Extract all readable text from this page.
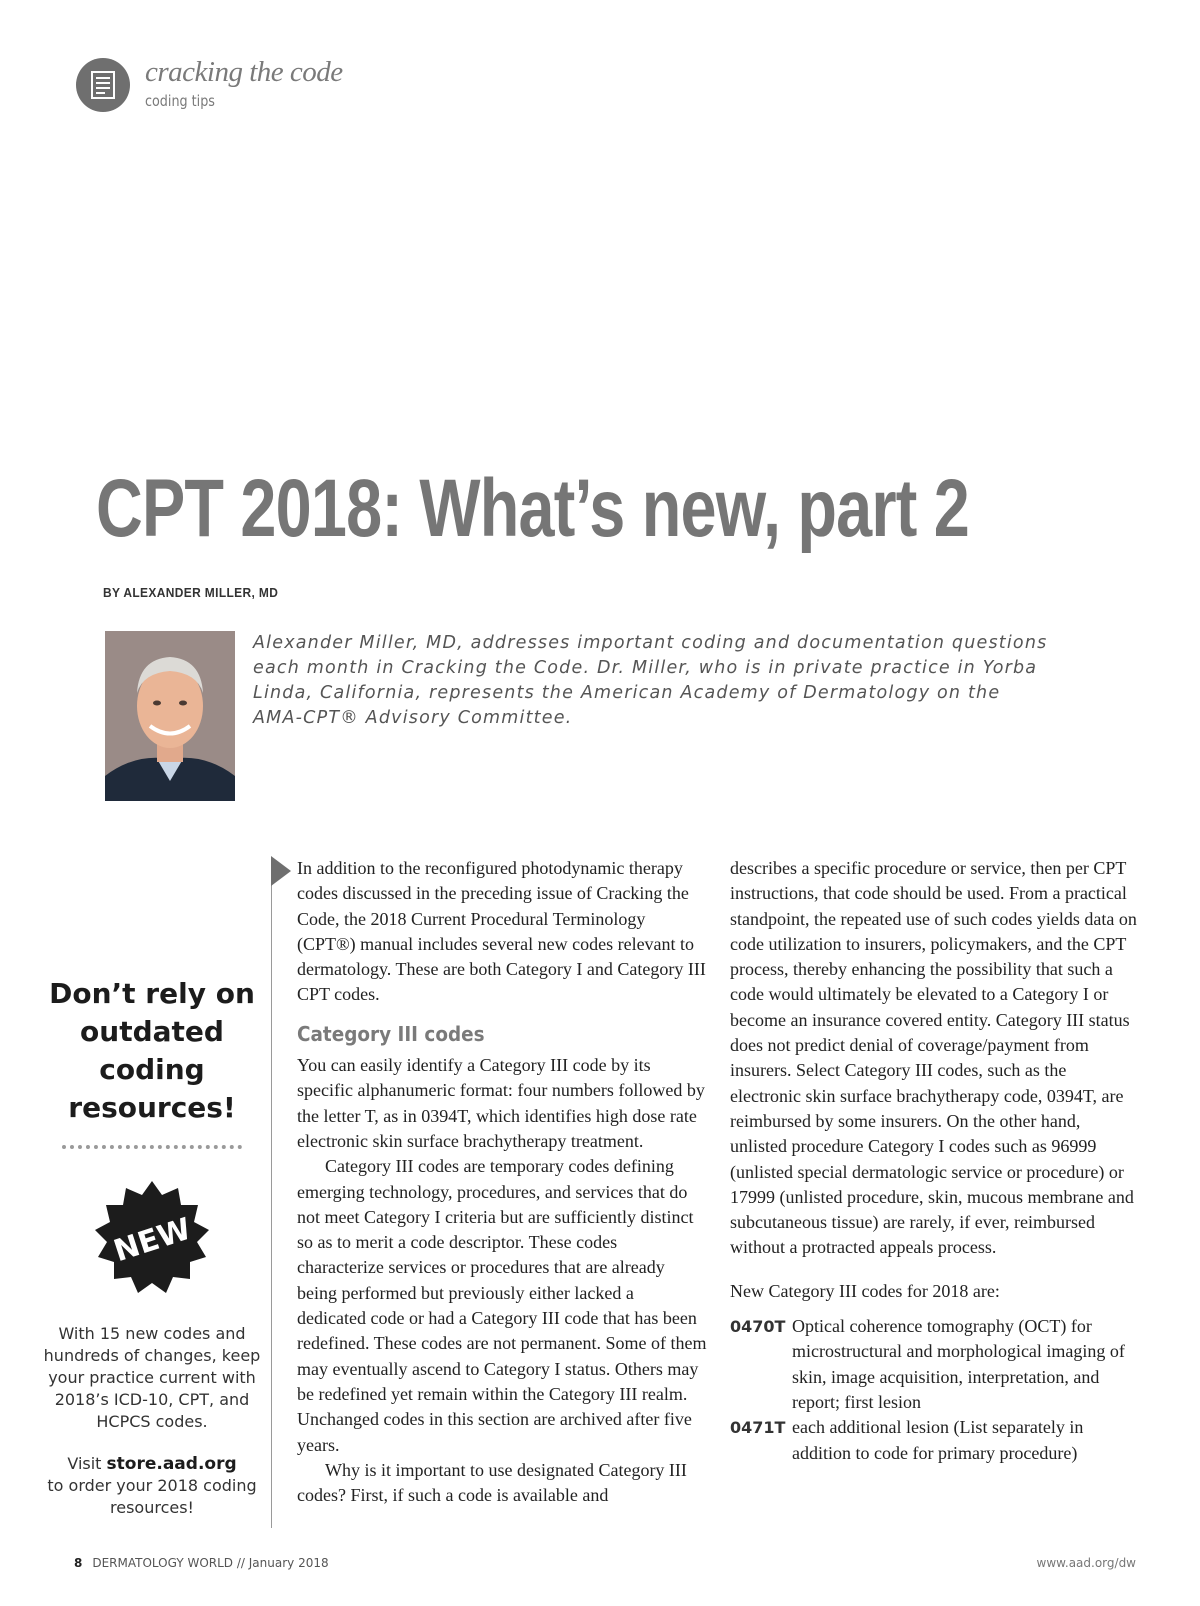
cracking the code
coding tips
CPT 2018: What’s new, part 2
BY ALEXANDER MILLER, MD
Alexander Miller, MD, addresses important coding and documentation questions each month in Cracking the Code. Dr. Miller, who is in private practice in Yorba Linda, California, represents the American Academy of Dermatology on the AMA-CPT® Advisory Committee.
Don’t rely on outdated coding resources!
NEW
With 15 new codes and hundreds of changes, keep your practice current with 2018’s ICD-10, CPT, and HCPCS codes.
Visit store.aad.org
to order your 2018 coding resources!

In addition to the reconfigured photodynamic therapy codes discussed in the preceding issue of Cracking the Code, the 2018 Current Procedural Terminology (CPT®) manual includes several new codes relevant to dermatology. These are both Category I and Category III CPT codes.

Category III codes

You can easily identify a Category III code by its specific alphanumeric format: four numbers followed by the letter T, as in 0394T, which identifies high dose rate electronic skin surface brachytherapy treatment.

Category III codes are temporary codes defining emerging technology, procedures, and services that do not meet Category I criteria but are sufficiently distinct so as to merit a code descriptor. These codes characterize services or procedures that are already being performed but previously either lacked a dedicated code or had a Category III code that has been redefined. These codes are not permanent. Some of them may eventually ascend to Category I status. Others may be redefined yet remain within the Category III realm. Unchanged codes in this section are archived after five years.

Why is it important to use designated Category III codes? First, if such a code is available and

describes a specific procedure or service, then per CPT instructions, that code should be used. From a practical standpoint, the repeated use of such codes yields data on code utilization to insurers, policymakers, and the CPT process, thereby enhancing the possibility that such a code would ultimately be elevated to a Category I or become an insurance covered entity. Category III status does not predict denial of coverage/payment from insurers. Select Category III codes, such as the electronic skin surface brachytherapy code, 0394T, are reimbursed by some insurers. On the other hand, unlisted procedure Category I codes such as 96999 (unlisted special dermatologic service or procedure) or 17999 (unlisted procedure, skin, mucous membrane and subcutaneous tissue) are rarely, if ever, reimbursed without a protracted appeals process.

New Category III codes for 2018 are:

0470T Optical coherence tomography (OCT) for microstructural and morphological imaging of skin, image acquisition, interpretation, and report; first lesion
0471T each additional lesion (List separately in addition to code for primary procedure)
8 DERMATOLOGY WORLD // January 2018	www.aad.org/dw
